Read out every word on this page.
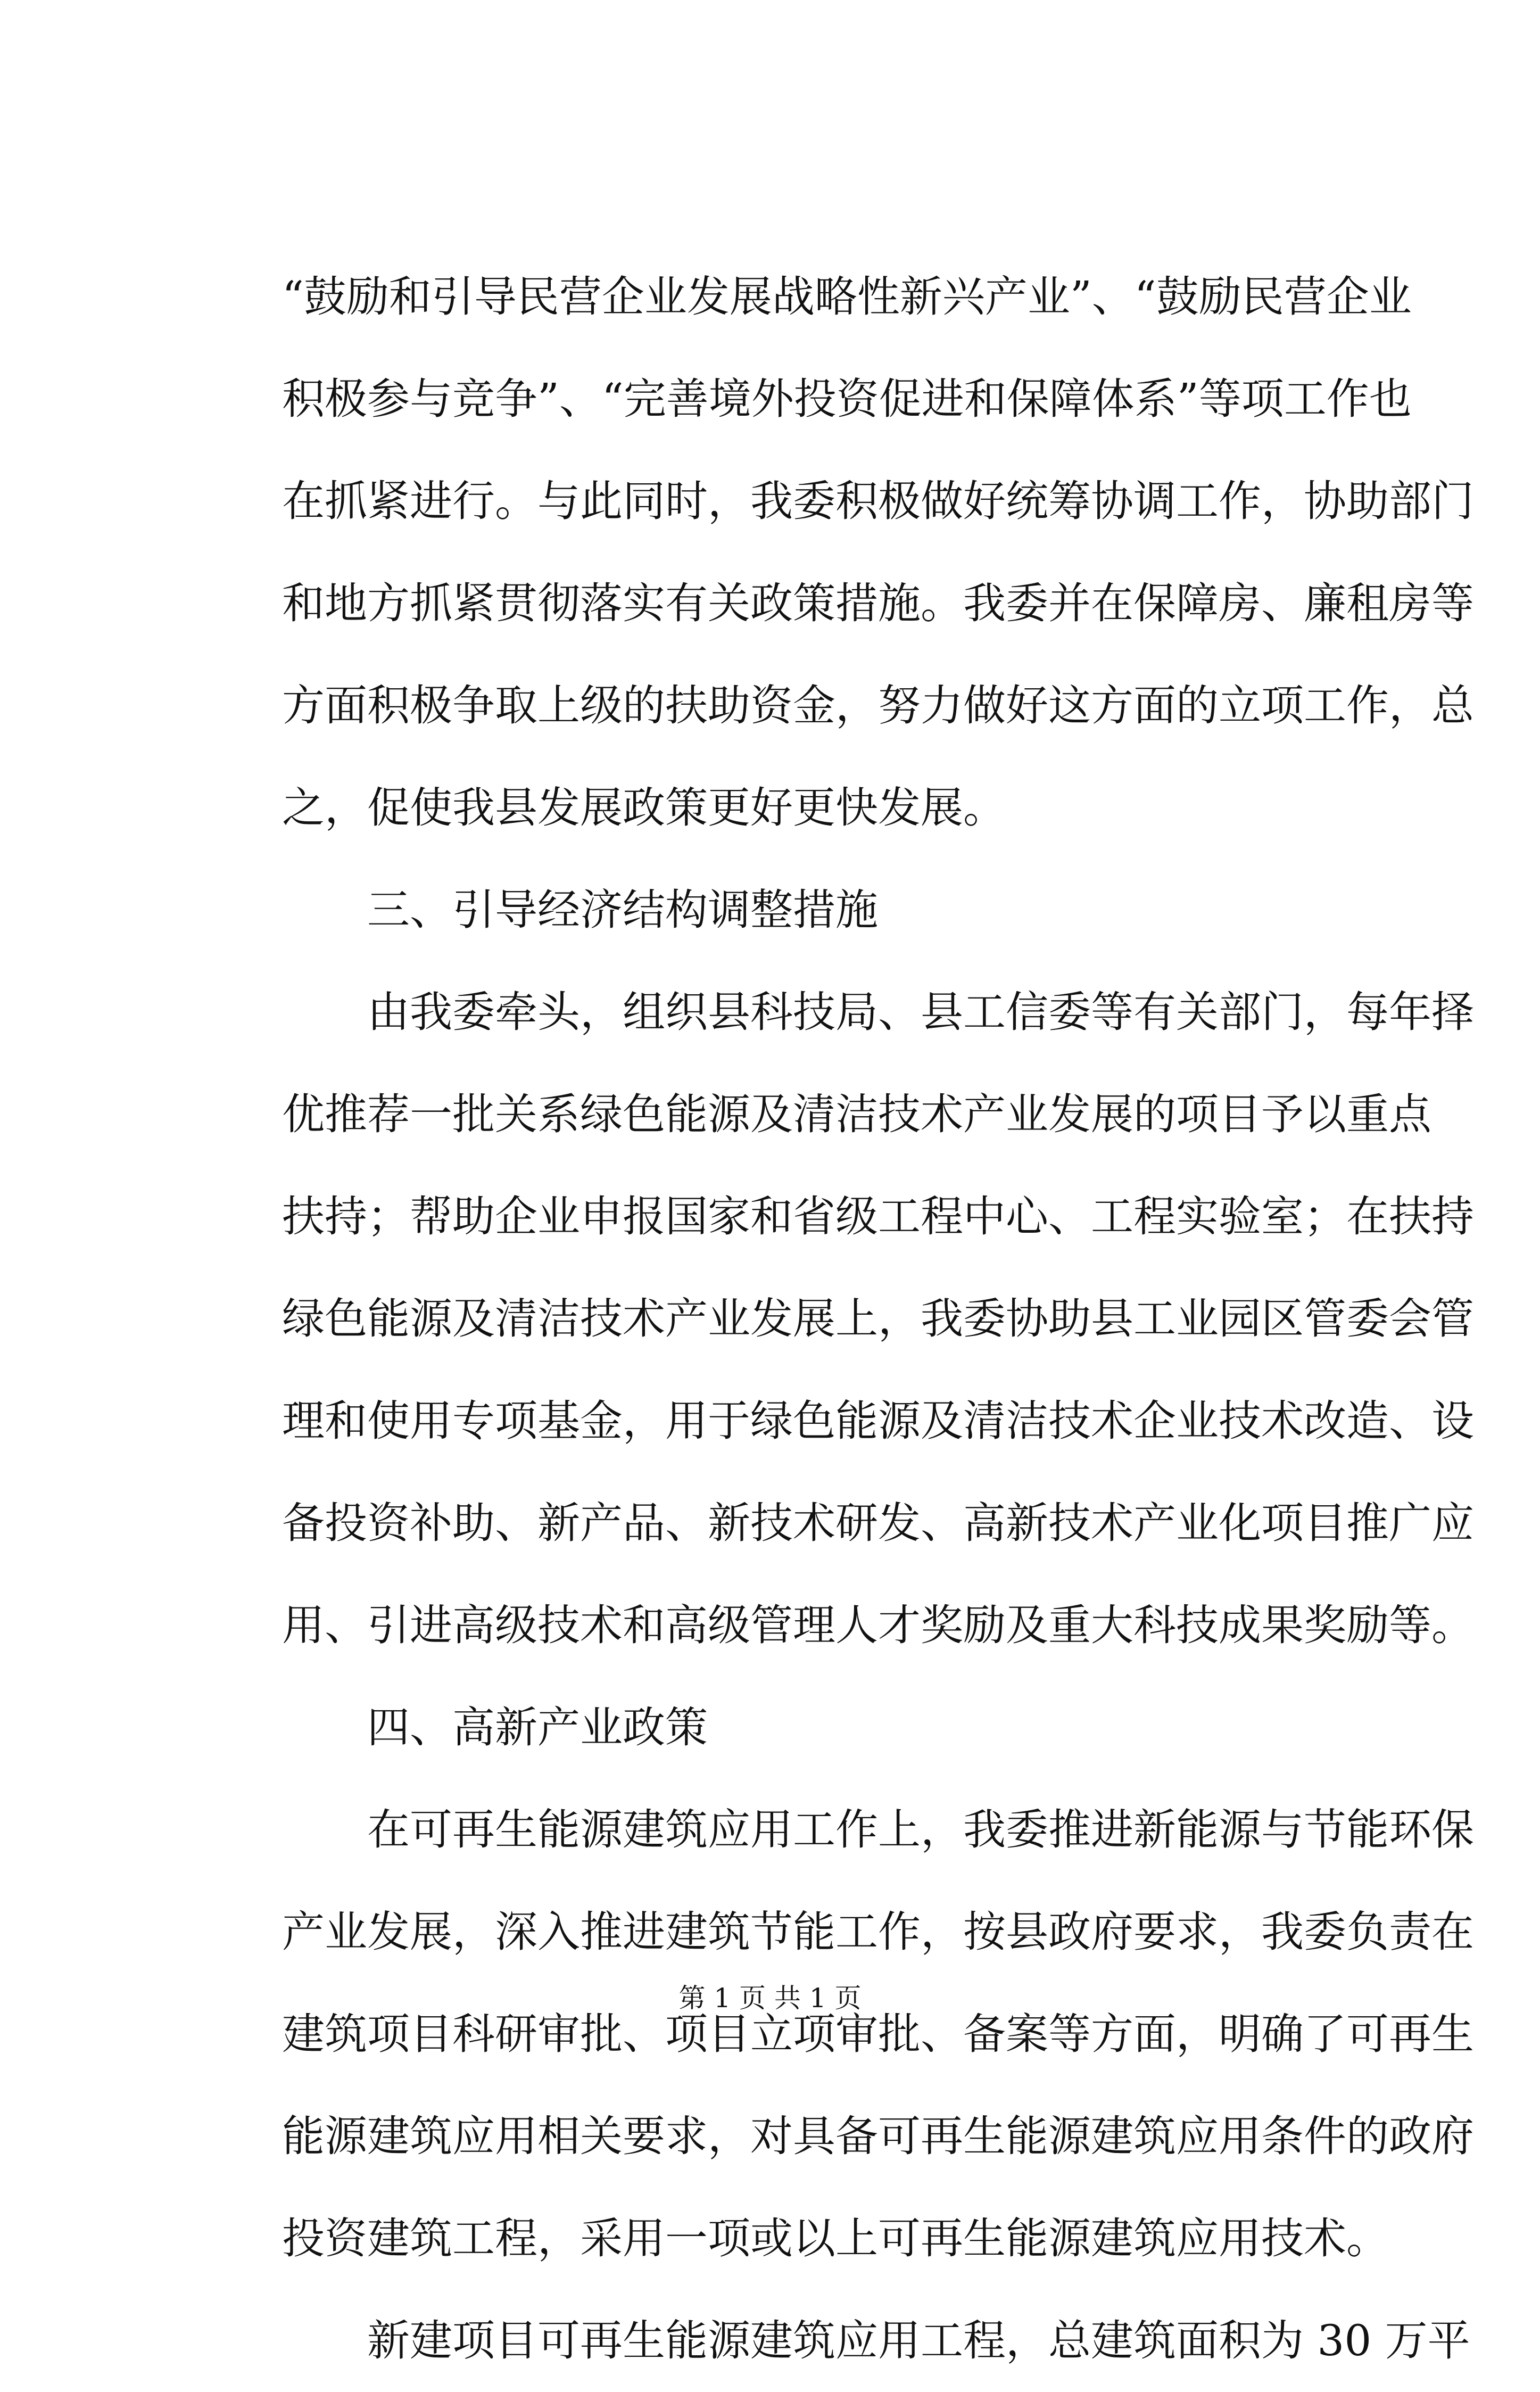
“鼓励和引导民营企业发展战略性新兴产业”、“鼓励民营企业
积极参与竞争”、“完善境外投资促进和保障体系”等项工作也
在抓紧进行。与此同时，我委积极做好统筹协调工作，协助部门
和地方抓紧贯彻落实有关政策措施。我委并在保障房、廉租房等
方面积极争取上级的扶助资金，努力做好这方面的立项工作，总
之，促使我县发展政策更好更快发展。
三、引导经济结构调整措施
由我委牵头，组织县科技局、县工信委等有关部门，每年择
优推荐一批关系绿色能源及清洁技术产业发展的项目予以重点
扶持；帮助企业申报国家和省级工程中心、工程实验室；在扶持
绿色能源及清洁技术产业发展上，我委协助县工业园区管委会管
理和使用专项基金，用于绿色能源及清洁技术企业技术改造、设
备投资补助、新产品、新技术研发、高新技术产业化项目推广应
用、引进高级技术和高级管理人才奖励及重大科技成果奖励等。
四、高新产业政策
在可再生能源建筑应用工作上，我委推进新能源与节能环保
产业发展，深入推进建筑节能工作，按县政府要求，我委负责在
建筑项目科研审批、项目立项审批、备案等方面，明确了可再生
能源建筑应用相关要求，对具备可再生能源建筑应用条件的政府
投资建筑工程，采用一项或以上可再生能源建筑应用技术。
新建项目可再生能源建筑应用工程，总建筑面积为 30 万平
第 1 页 共 1 页
